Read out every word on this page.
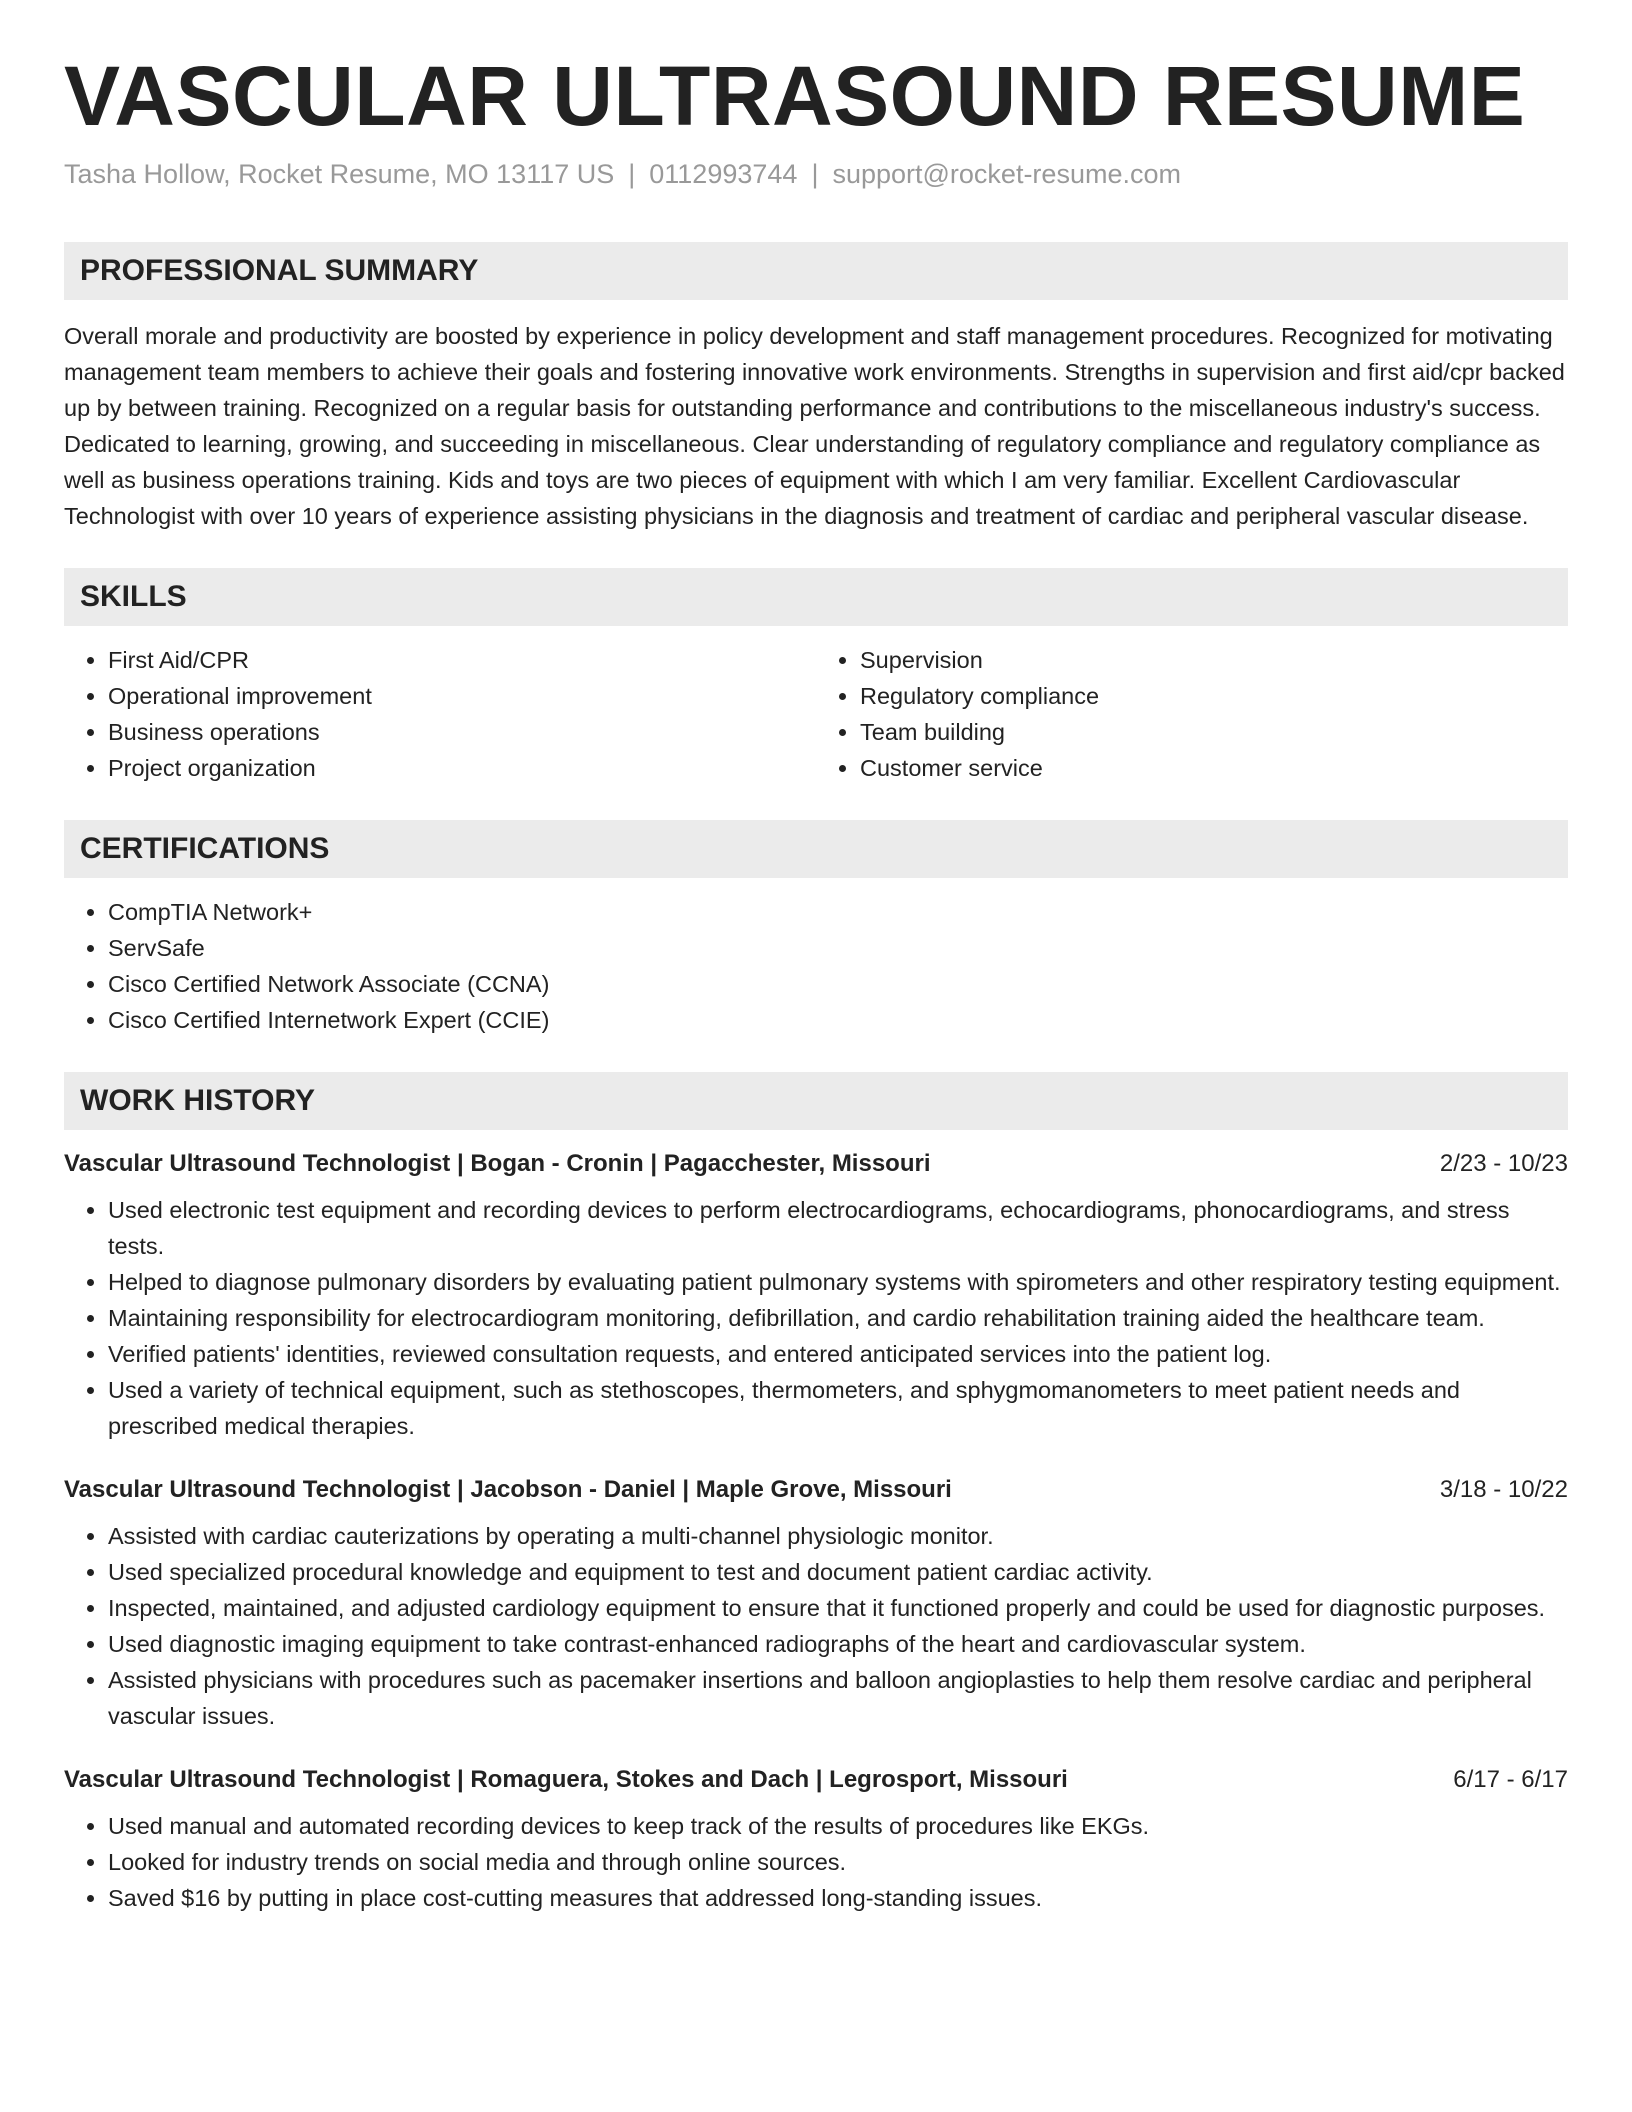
VASCULAR ULTRASOUND RESUME
Tasha Hollow, Rocket Resume, MO 13117 US | 0112993744 | support@rocket-resume.com
PROFESSIONAL SUMMARY
Overall morale and productivity are boosted by experience in policy development and staff management procedures. Recognized for motivating management team members to achieve their goals and fostering innovative work environments. Strengths in supervision and first aid/cpr backed up by between training. Recognized on a regular basis for outstanding performance and contributions to the miscellaneous industry's success. Dedicated to learning, growing, and succeeding in miscellaneous. Clear understanding of regulatory compliance and regulatory compliance as well as business operations training. Kids and toys are two pieces of equipment with which I am very familiar. Excellent Cardiovascular Technologist with over 10 years of experience assisting physicians in the diagnosis and treatment of cardiac and peripheral vascular disease.
SKILLS
• First Aid/CPR
• Operational improvement
• Business operations
• Project organization
• Supervision
• Regulatory compliance
• Team building
• Customer service
CERTIFICATIONS
• CompTIA Network+
• ServSafe
• Cisco Certified Network Associate (CCNA)
• Cisco Certified Internetwork Expert (CCIE)
WORK HISTORY
Vascular Ultrasound Technologist | Bogan - Cronin | Pagacchester, Missouri	2/23 - 10/23
• Used electronic test equipment and recording devices to perform electrocardiograms, echocardiograms, phonocardiograms, and stress tests.
• Helped to diagnose pulmonary disorders by evaluating patient pulmonary systems with spirometers and other respiratory testing equipment.
• Maintaining responsibility for electrocardiogram monitoring, defibrillation, and cardio rehabilitation training aided the healthcare team.
• Verified patients' identities, reviewed consultation requests, and entered anticipated services into the patient log.
• Used a variety of technical equipment, such as stethoscopes, thermometers, and sphygmomanometers to meet patient needs and prescribed medical therapies.
Vascular Ultrasound Technologist | Jacobson - Daniel | Maple Grove, Missouri	3/18 - 10/22
• Assisted with cardiac cauterizations by operating a multi-channel physiologic monitor.
• Used specialized procedural knowledge and equipment to test and document patient cardiac activity.
• Inspected, maintained, and adjusted cardiology equipment to ensure that it functioned properly and could be used for diagnostic purposes.
• Used diagnostic imaging equipment to take contrast-enhanced radiographs of the heart and cardiovascular system.
• Assisted physicians with procedures such as pacemaker insertions and balloon angioplasties to help them resolve cardiac and peripheral vascular issues.
Vascular Ultrasound Technologist | Romaguera, Stokes and Dach | Legrosport, Missouri	6/17 - 6/17
• Used manual and automated recording devices to keep track of the results of procedures like EKGs.
• Looked for industry trends on social media and through online sources.
• Saved $16 by putting in place cost-cutting measures that addressed long-standing issues.
